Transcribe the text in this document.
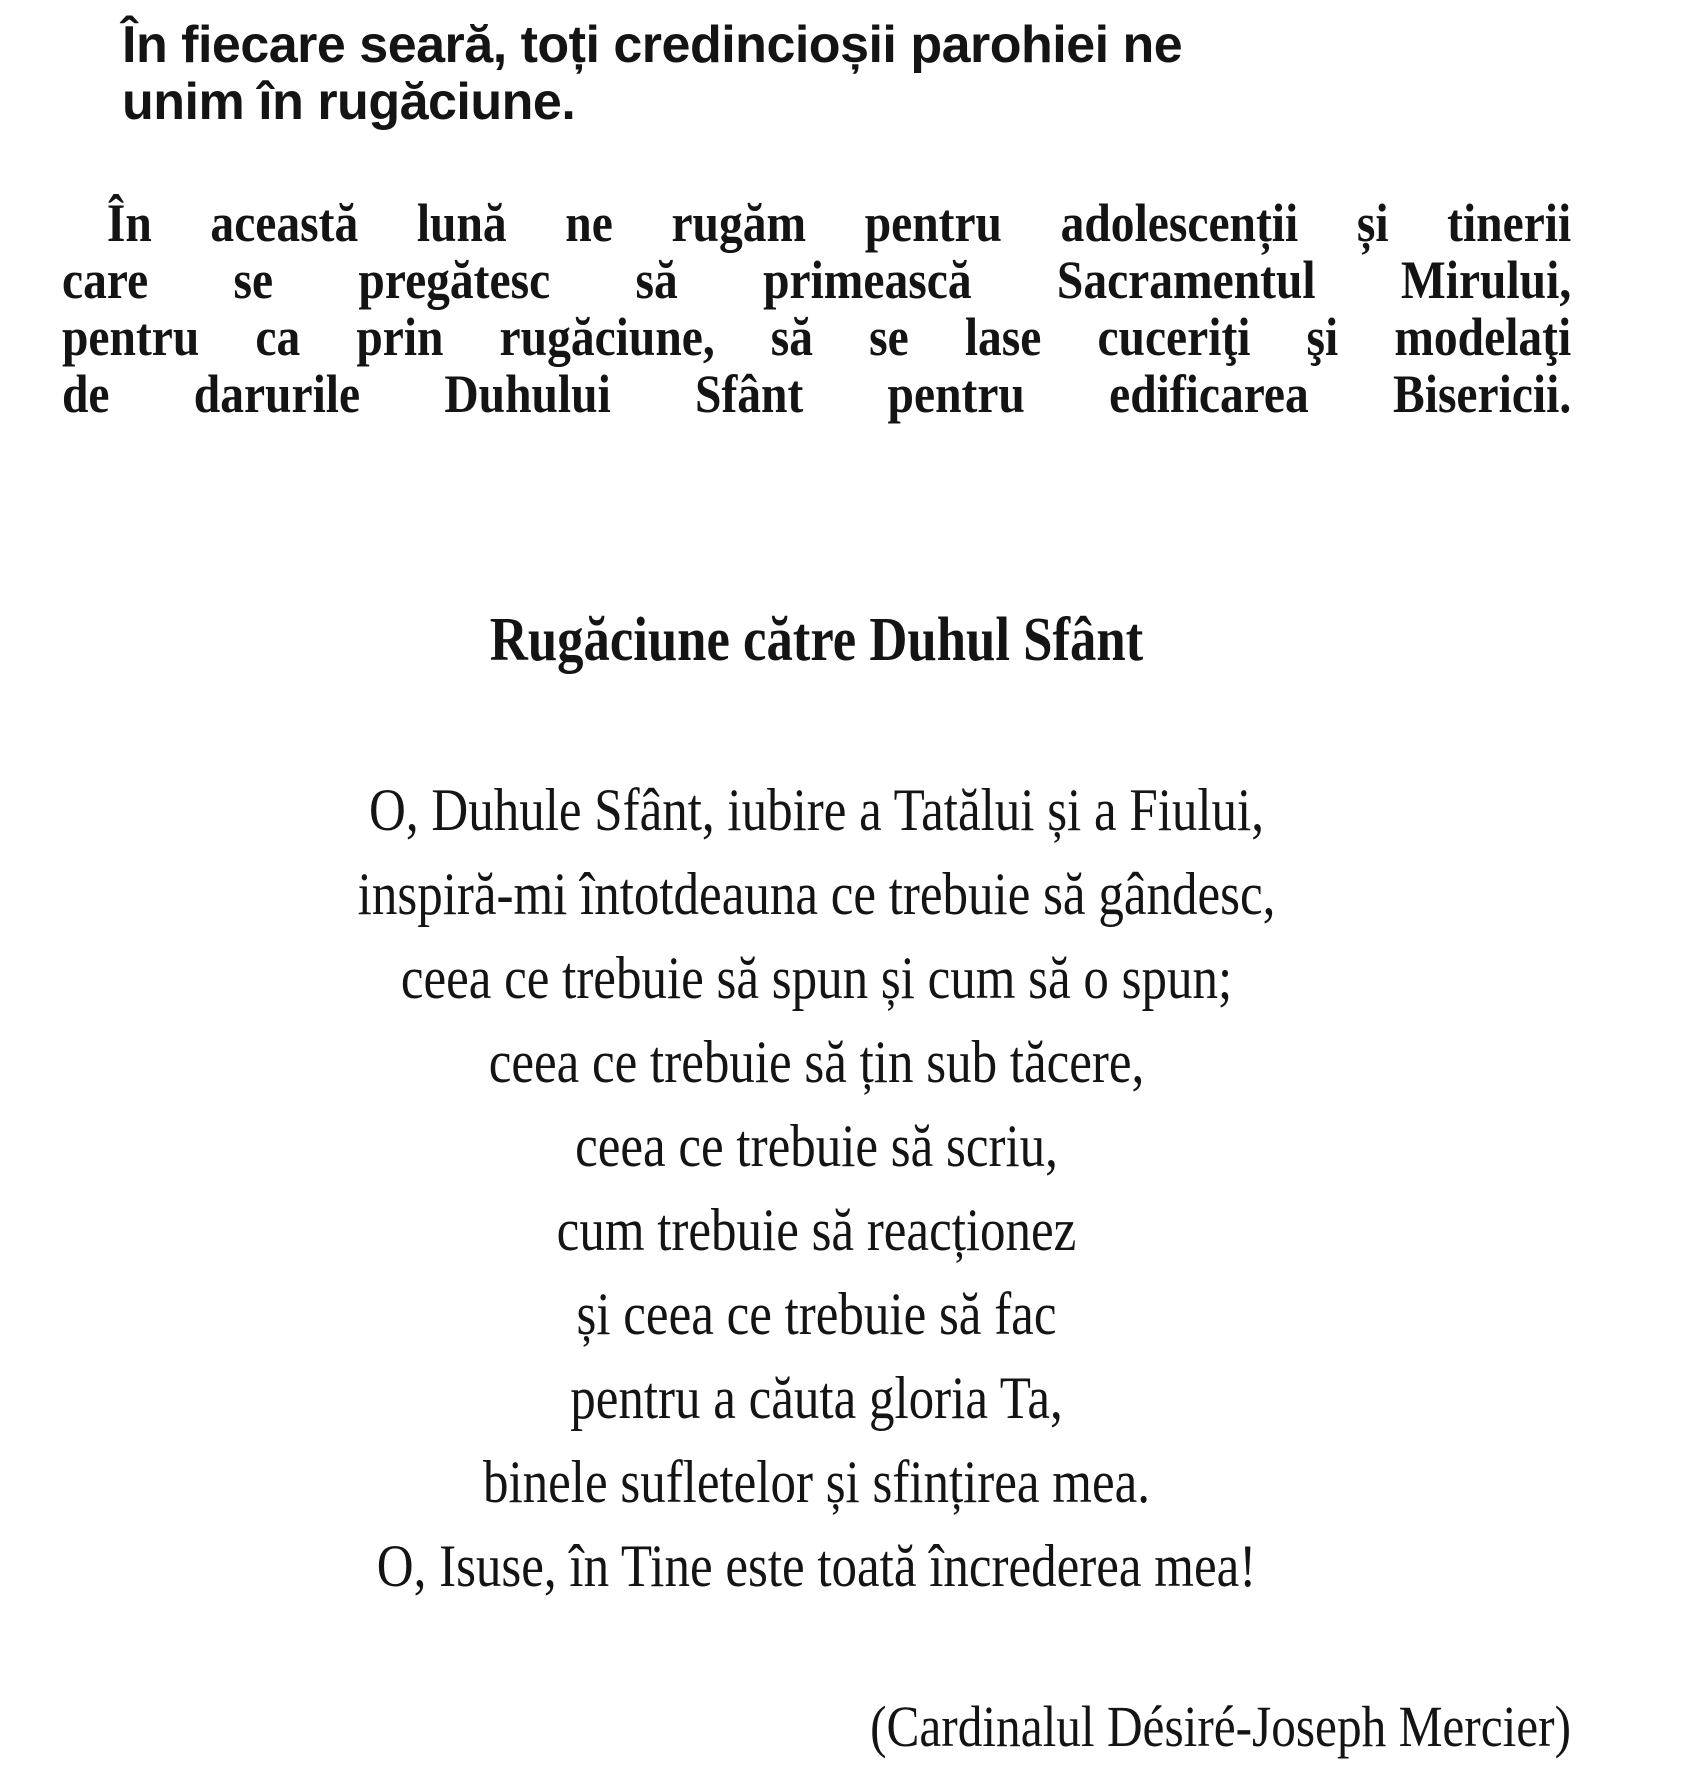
În fiecare seară, toți credincioșii parohiei ne
unim în rugăciune.
În această lună ne rugăm pentru adolescenții și tinerii
care se pregătesc să primească Sacramentul Mirului,
pentru ca prin rugăciune, să se lase cuceriţi şi modelaţi
de darurile Duhului Sfânt pentru edificarea Bisericii.
Rugăciune către Duhul Sfânt
O, Duhule Sfânt, iubire a Tatălui și a Fiului,
inspiră-mi întotdeauna ce trebuie să gândesc,
ceea ce trebuie să spun și cum să o spun;
ceea ce trebuie să țin sub tăcere,
ceea ce trebuie să scriu,
cum trebuie să reacționez
și ceea ce trebuie să fac
pentru a căuta gloria Ta,
binele sufletelor și sfințirea mea.
O, Isuse, în Tine este toată încrederea mea!
(Cardinalul Désiré-Joseph Mercier)
